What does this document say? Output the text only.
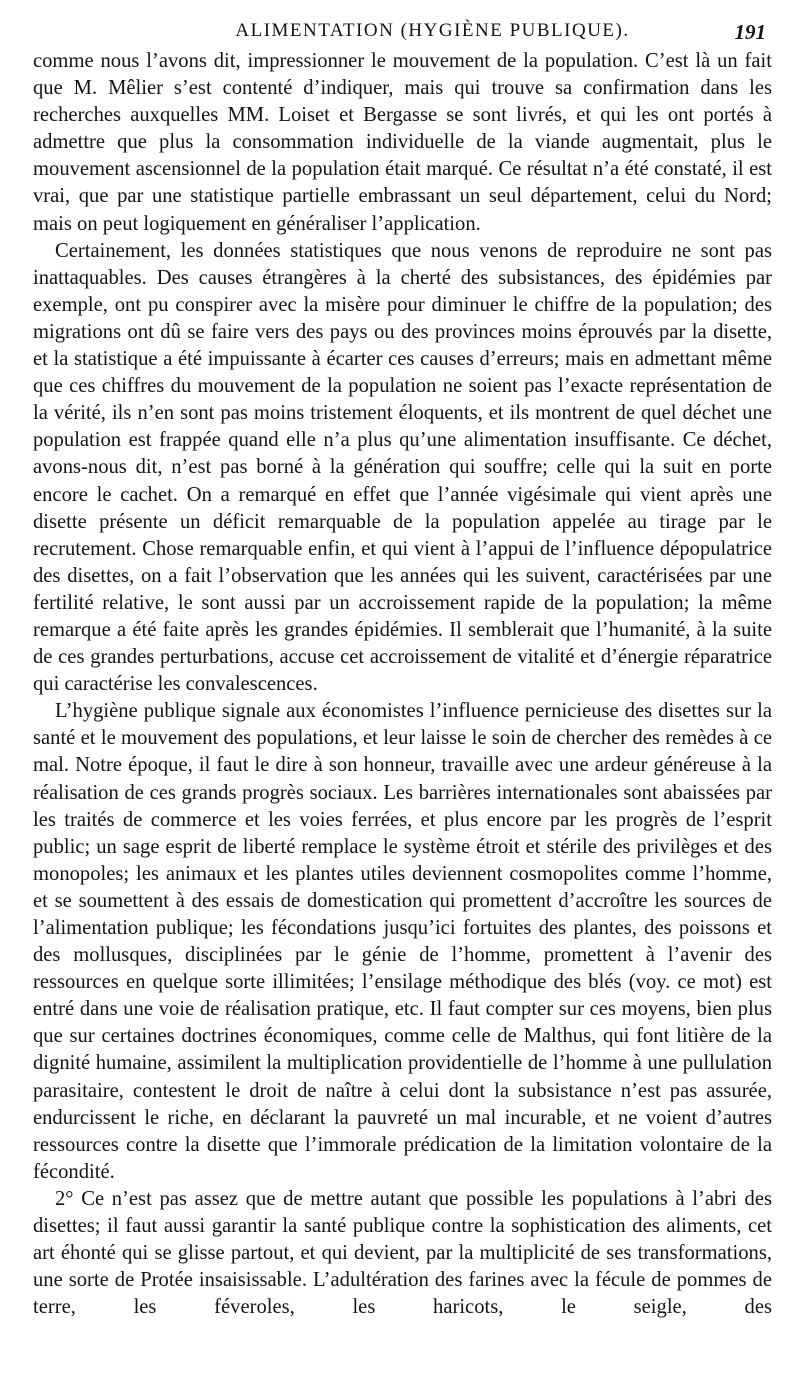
ALIMENTATION (HYGIÈNE PUBLIQUE).	191

comme nous l’avons dit, impressionner le mouvement de la population. C’est là un fait que M. Mêlier s’est contenté d’indiquer, mais qui trouve sa confirmation dans les recherches auxquelles MM. Loiset et Bergasse se sont livrés, et qui les ont portés à admettre que plus la consommation individuelle de la viande augmentait, plus le mouvement ascensionnel de la population était marqué. Ce résultat n’a été constaté, il est vrai, que par une statistique partielle embrassant un seul département, celui du Nord; mais on peut logiquement en généraliser l’application.

Certainement, les données statistiques que nous venons de reproduire ne sont pas inattaquables. Des causes étrangères à la cherté des subsistances, des épidémies par exemple, ont pu conspirer avec la misère pour diminuer le chiffre de la population; des migrations ont dû se faire vers des pays ou des provinces moins éprouvés par la disette, et la statistique a été impuissante à écarter ces causes d’erreurs; mais en admettant même que ces chiffres du mouvement de la population ne soient pas l’exacte représentation de la vérité, ils n’en sont pas moins tristement éloquents, et ils montrent de quel déchet une population est frappée quand elle n’a plus qu’une alimentation insuffisante. Ce déchet, avons-nous dit, n’est pas borné à la génération qui souffre; celle qui la suit en porte encore le cachet. On a remarqué en effet que l’année vigésimale qui vient après une disette présente un déficit remarquable de la population appelée au tirage par le recrutement. Chose remarquable enfin, et qui vient à l’appui de l’influence dépopulatrice des disettes, on a fait l’observation que les années qui les suivent, caractérisées par une fertilité relative, le sont aussi par un accroissement rapide de la population; la même remarque a été faite après les grandes épidémies. Il semblerait que l’humanité, à la suite de ces grandes perturbations, accuse cet accroissement de vitalité et d’énergie réparatrice qui caractérise les convalescences.

L’hygiène publique signale aux économistes l’influence pernicieuse des disettes sur la santé et le mouvement des populations, et leur laisse le soin de chercher des remèdes à ce mal. Notre époque, il faut le dire à son honneur, travaille avec une ardeur généreuse à la réalisation de ces grands progrès sociaux. Les barrières internationales sont abaissées par les traités de commerce et les voies ferrées, et plus encore par les progrès de l’esprit public; un sage esprit de liberté remplace le système étroit et stérile des privilèges et des monopoles; les animaux et les plantes utiles deviennent cosmopolites comme l’homme, et se soumettent à des essais de domestication qui promettent d’accroître les sources de l’alimentation publique; les fécondations jusqu’ici fortuites des plantes, des poissons et des mollusques, disciplinées par le génie de l’homme, promettent à l’avenir des ressources en quelque sorte illimitées; l’ensilage méthodique des blés (voy. ce mot) est entré dans une voie de réalisation pratique, etc. Il faut compter sur ces moyens, bien plus que sur certaines doctrines économiques, comme celle de Malthus, qui font litière de la dignité humaine, assimilent la multiplication providentielle de l’homme à une pullulation parasitaire, contestent le droit de naître à celui dont la subsistance n’est pas assurée, endurcissent le riche, en déclarant la pauvreté un mal incurable, et ne voient d’autres ressources contre la disette que l’immorale prédication de la limitation volontaire de la fécondité.

2° Ce n’est pas assez que de mettre autant que possible les populations à l’abri des disettes; il faut aussi garantir la santé publique contre la sophistication des aliments, cet art éhonté qui se glisse partout, et qui devient, par la multiplicité de ses transformations, une sorte de Protée insaisissable. L’adultération des farines avec la fécule de pommes de terre, les féveroles, les haricots, le seigle, des
